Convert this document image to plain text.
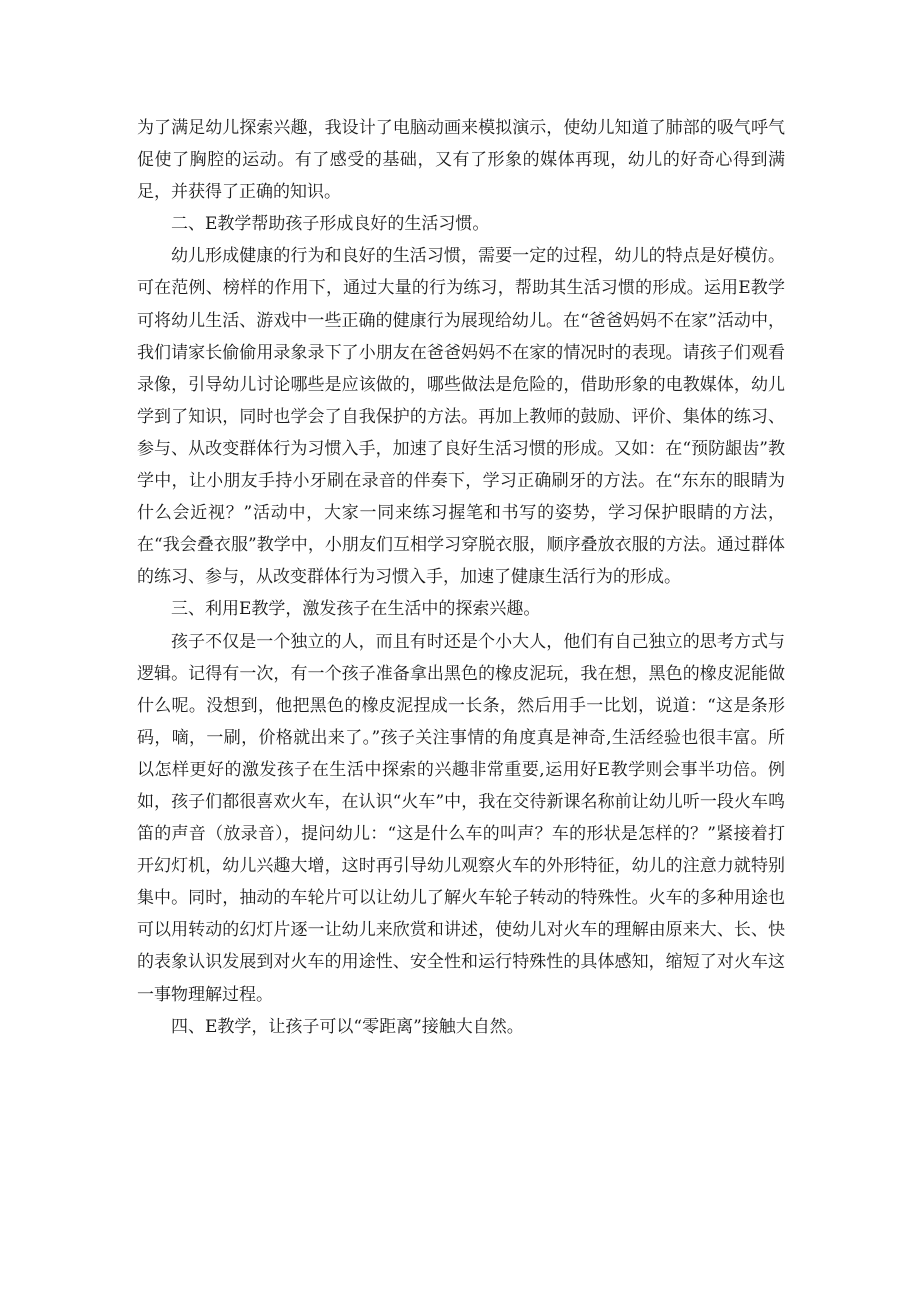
为了满足幼儿探索兴趣，我设计了电脑动画来模拟演示，使幼儿知道了肺部的吸气呼气促使了胸腔的运动。有了感受的基础，又有了形象的媒体再现，幼儿的好奇心得到满足，并获得了正确的知识。

二、E教学帮助孩子形成良好的生活习惯。

幼儿形成健康的行为和良好的生活习惯，需要一定的过程，幼儿的特点是好模仿。可在范例、榜样的作用下，通过大量的行为练习，帮助其生活习惯的形成。运用E教学可将幼儿生活、游戏中一些正确的健康行为展现给幼儿。在“爸爸妈妈不在家”活动中，我们请家长偷偷用录象录下了小朋友在爸爸妈妈不在家的情况时的表现。请孩子们观看录像，引导幼儿讨论哪些是应该做的，哪些做法是危险的，借助形象的电教媒体，幼儿学到了知识，同时也学会了自我保护的方法。再加上教师的鼓励、评价、集体的练习、参与、从改变群体行为习惯入手，加速了良好生活习惯的形成。又如：在“预防龈齿”教学中，让小朋友手持小牙刷在录音的伴奏下，学习正确刷牙的方法。在“东东的眼睛为什么会近视？”活动中，大家一同来练习握笔和书写的姿势，学习保护眼睛的方法，在“我会叠衣服”教学中，小朋友们互相学习穿脱衣服，顺序叠放衣服的方法。通过群体的练习、参与，从改变群体行为习惯入手，加速了健康生活行为的形成。

三、利用E教学，激发孩子在生活中的探索兴趣。

孩子不仅是一个独立的人，而且有时还是个小大人，他们有自己独立的思考方式与逻辑。记得有一次，有一个孩子准备拿出黑色的橡皮泥玩，我在想，黑色的橡皮泥能做什么呢。没想到，他把黑色的橡皮泥捏成一长条，然后用手一比划，说道：“这是条形码，嘀，一刷，价格就出来了。”孩子关注事情的角度真是神奇,生活经验也很丰富。所以怎样更好的激发孩子在生活中探索的兴趣非常重要,运用好E教学则会事半功倍。例如，孩子们都很喜欢火车，在认识“火车”中，我在交待新课名称前让幼儿听一段火车鸣笛的声音（放录音），提问幼儿：“这是什么车的叫声？车的形状是怎样的？”紧接着打开幻灯机，幼儿兴趣大增，这时再引导幼儿观察火车的外形特征，幼儿的注意力就特别集中。同时，抽动的车轮片可以让幼儿了解火车轮子转动的特殊性。火车的多种用途也可以用转动的幻灯片逐一让幼儿来欣赏和讲述，使幼儿对火车的理解由原来大、长、快的表象认识发展到对火车的用途性、安全性和运行特殊性的具体感知，缩短了对火车这一事物理解过程。

四、E教学，让孩子可以“零距离”接触大自然。
